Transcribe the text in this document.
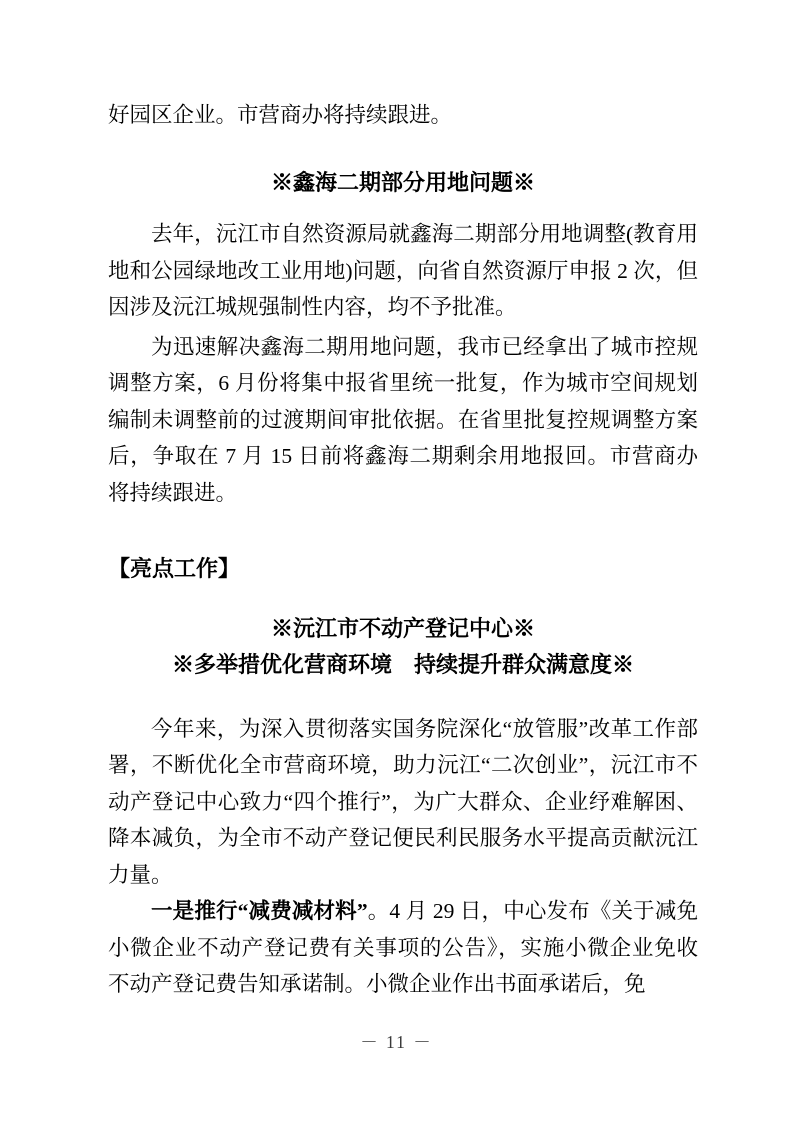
好园区企业。市营商办将持续跟进。

※鑫海二期部分用地问题※

去年，沅江市自然资源局就鑫海二期部分用地调整(教育用地和公园绿地改工业用地)问题，向省自然资源厅申报 2 次，但因涉及沅江城规强制性内容，均不予批准。

为迅速解决鑫海二期用地问题，我市已经拿出了城市控规调整方案，6 月份将集中报省里统一批复，作为城市空间规划编制未调整前的过渡期间审批依据。在省里批复控规调整方案后，争取在 7 月 15 日前将鑫海二期剩余用地报回。市营商办将持续跟进。

【亮点工作】

※沅江市不动产登记中心※

※多举措优化营商环境　持续提升群众满意度※

今年来，为深入贯彻落实国务院深化“放管服”改革工作部署，不断优化全市营商环境，助力沅江“二次创业”，沅江市不动产登记中心致力“四个推行”，为广大群众、企业纾难解困、降本减负，为全市不动产登记便民利民服务水平提高贡献沅江力量。

一是推行“减费减材料”。4 月 29 日，中心发布《关于减免小微企业不动产登记费有关事项的公告》，实施小微企业免收不动产登记费告知承诺制。小微企业作出书面承诺后，免

－ 11 －
